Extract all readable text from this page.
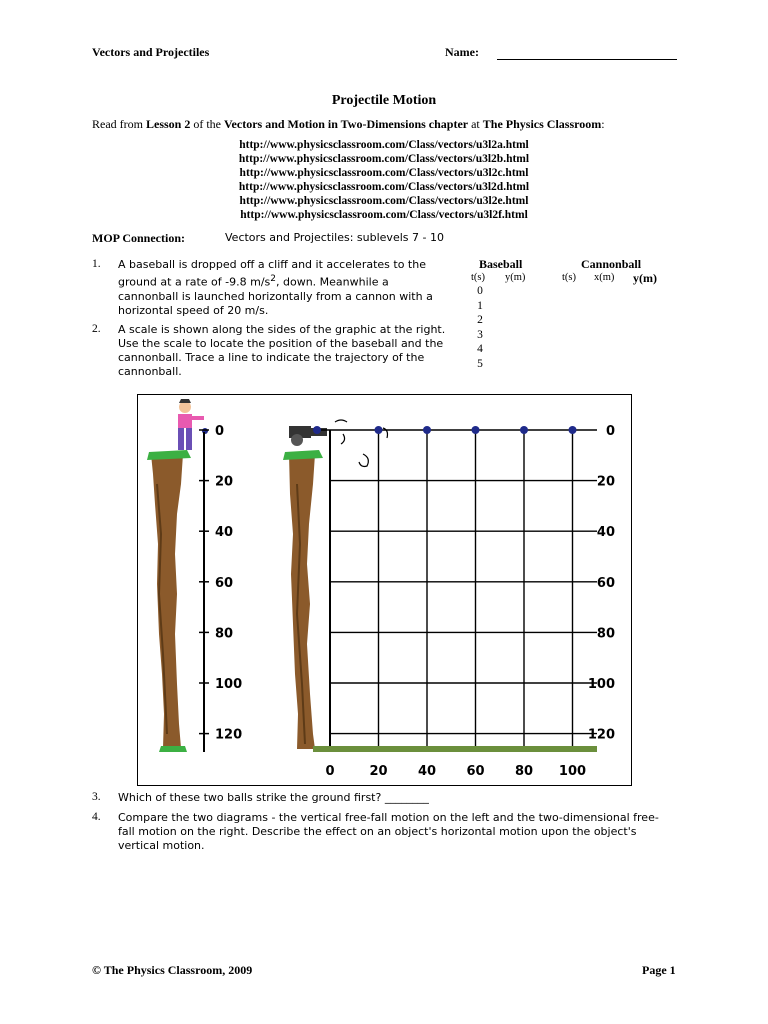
Vectors and Projectiles	Name:
Projectile Motion
Read from Lesson 2 of the Vectors and Motion in Two-Dimensions chapter at The Physics Classroom:
http://www.physicsclassroom.com/Class/vectors/u3l2a.html
http://www.physicsclassroom.com/Class/vectors/u3l2b.html
http://www.physicsclassroom.com/Class/vectors/u3l2c.html
http://www.physicsclassroom.com/Class/vectors/u3l2d.html
http://www.physicsclassroom.com/Class/vectors/u3l2e.html
http://www.physicsclassroom.com/Class/vectors/u3l2f.html
MOP Connection:	Vectors and Projectiles: sublevels 7 - 10
1. A baseball is dropped off a cliff and it accelerates to the
ground at a rate of -9.8 $m/s^2$, down. Meanwhile a
cannonball is launched horizontally from a cannon with a
horizontal speed of 20 m/s.
2. A scale is shown along the sides of the graphic at the right.
Use the scale to locate the position of the baseball and the
cannonball. Trace a line to indicate the trajectory of the
cannonball.
Baseball	Cannonball
t(s) y(m)	t(s) x(m) y(m)
0
1
2
3
4
5
0
20
40
60
80
100
120
0
20
40
60
80
100
120
0	20 40 60 80 100
3. Which of these two balls strike the ground first? ________
4. Compare the two diagrams - the vertical free-fall motion on the left and the two-dimensional free-
fall motion on the right. Describe the effect on an object's horizontal motion upon the object's
vertical motion.
© The Physics Classroom, 2009	Page 1
